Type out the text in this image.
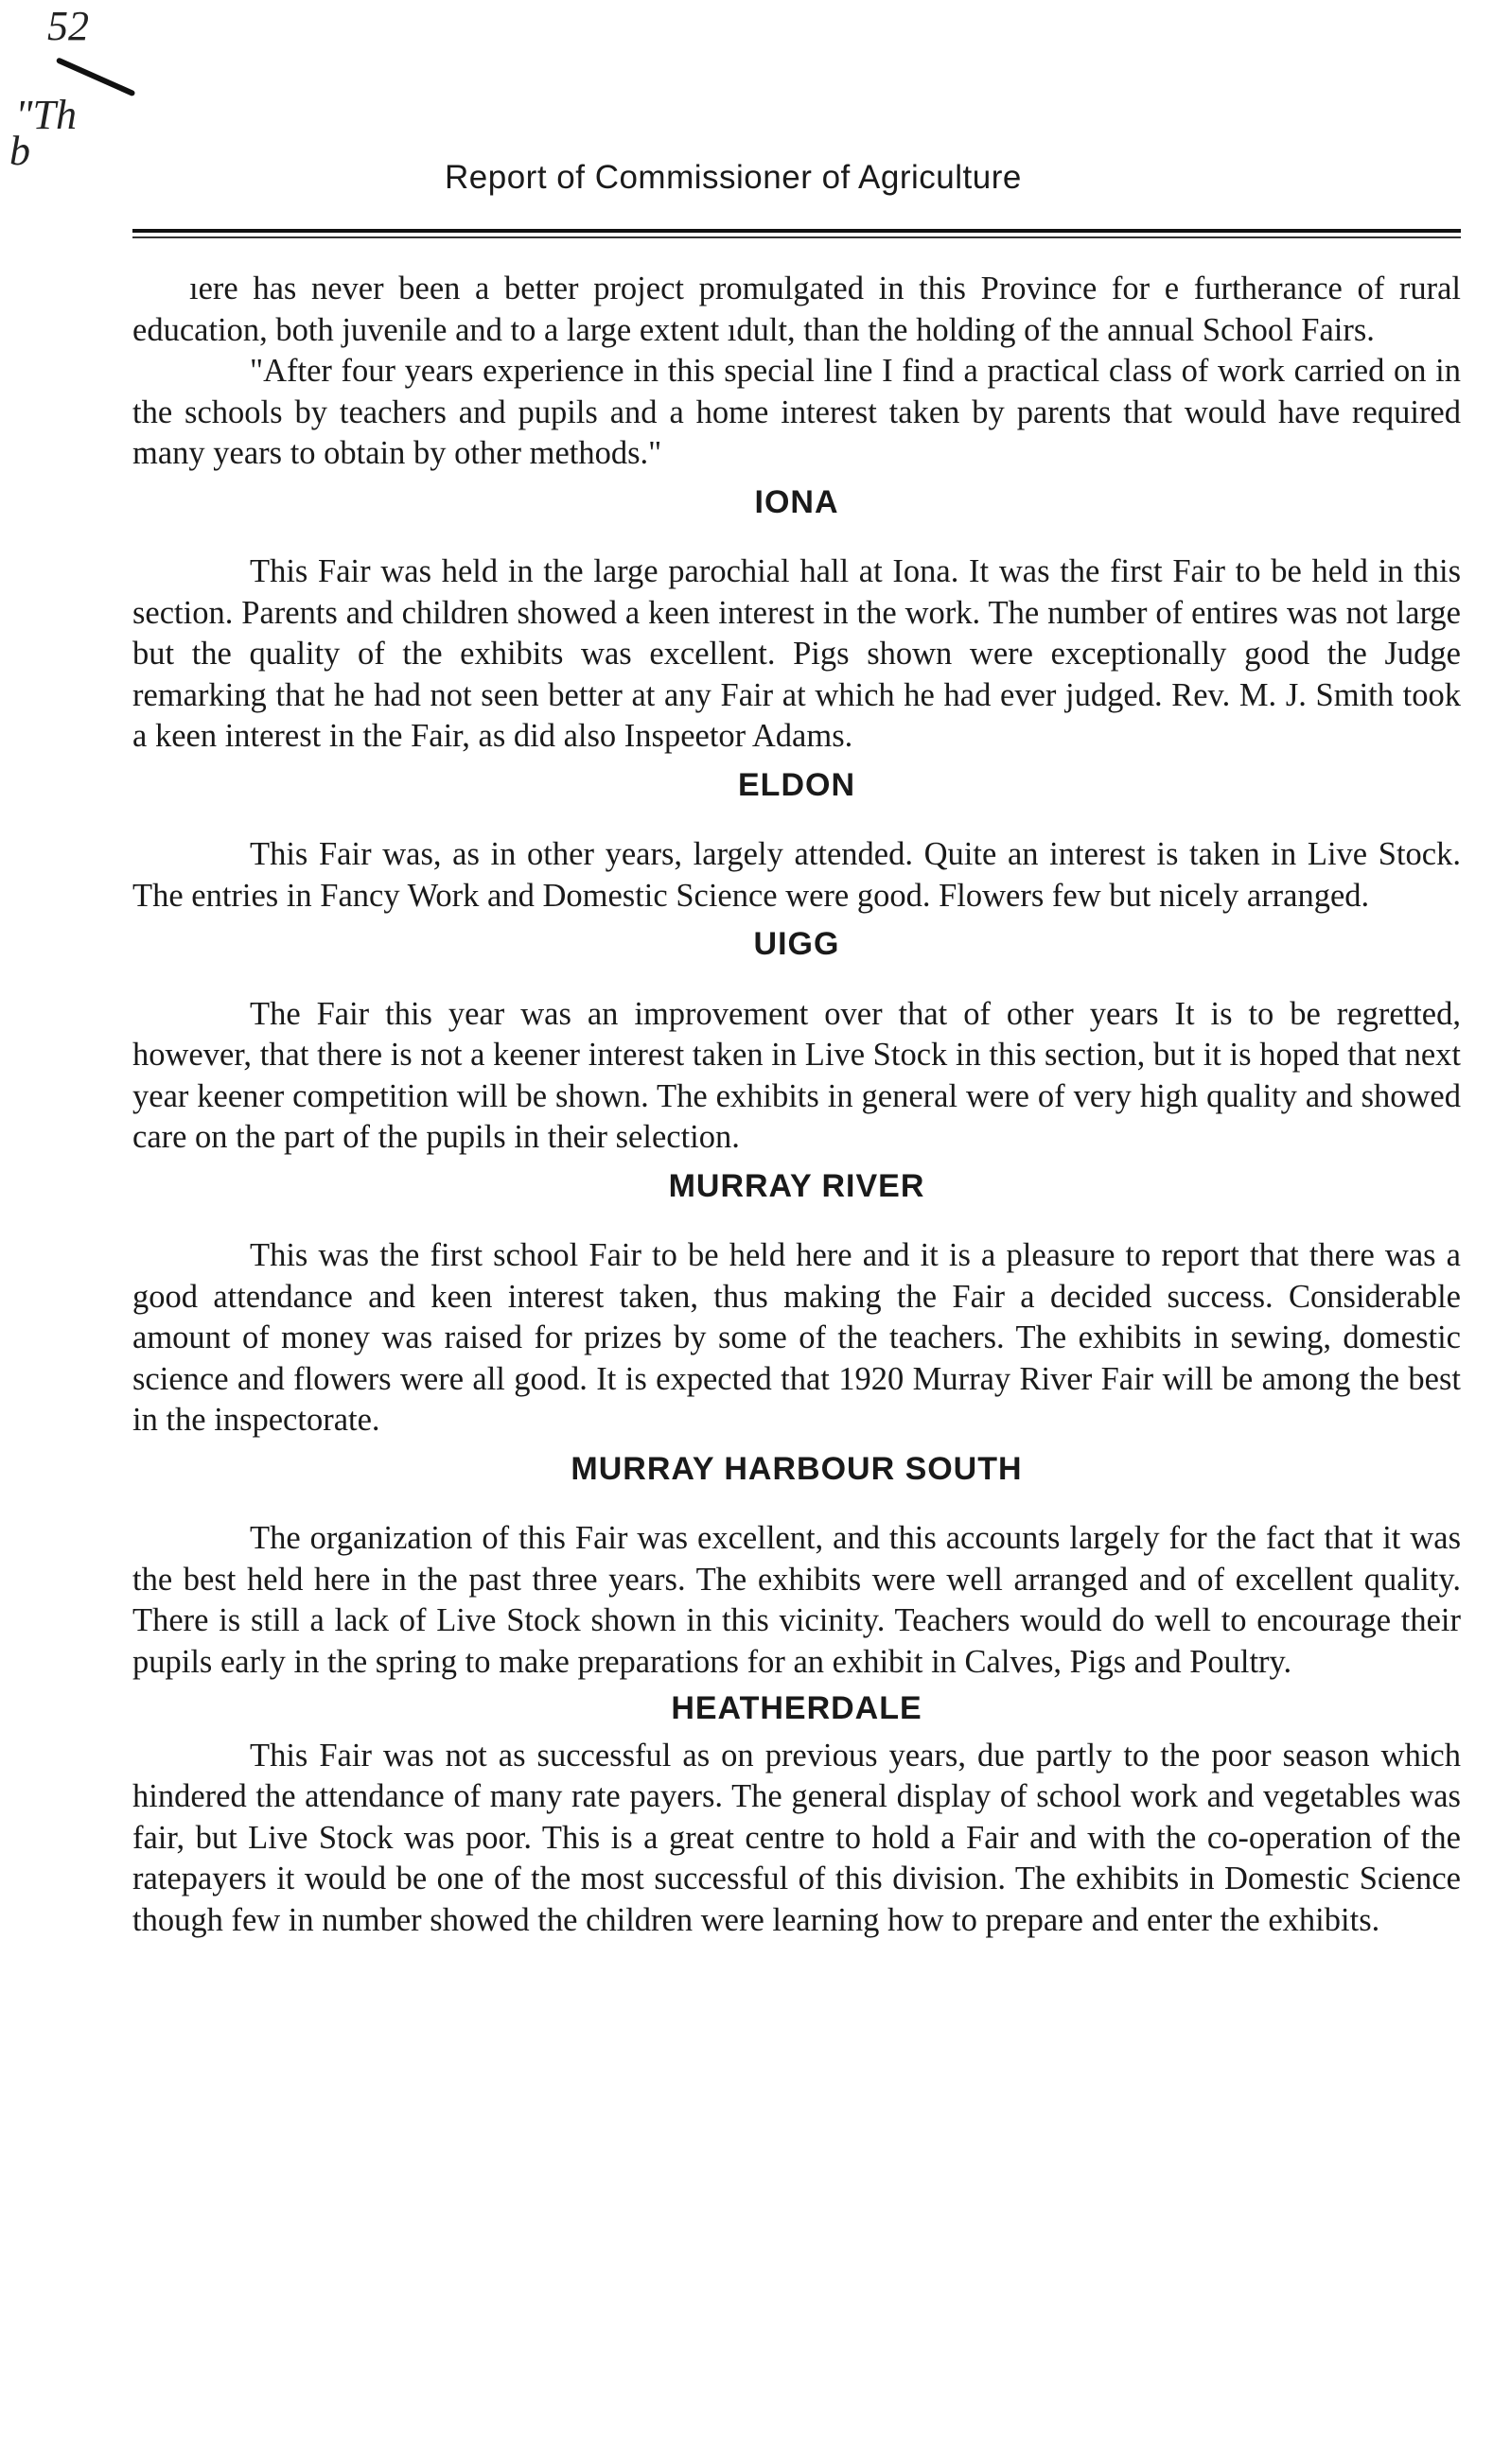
52
"Th
b
Report of Commissioner of Agriculture

ıere has never been a better project promulgated in this Province for e furtherance of rural education, both juvenile and to a large extent ıdult, than the holding of the annual School Fairs.

"After four years experience in this special line I find a practical class of work carried on in the schools by teachers and pupils and a home interest taken by parents that would have required many years to obtain by other methods."

IONA

This Fair was held in the large parochial hall at Iona. It was the first Fair to be held in this section. Parents and children showed a keen interest in the work. The number of entires was not large but the quality of the exhibits was excellent. Pigs shown were exceptionally good the Judge remarking that he had not seen better at any Fair at which he had ever judged. Rev. M. J. Smith took a keen interest in the Fair, as did also Inspeetor Adams.

ELDON

This Fair was, as in other years, largely attended. Quite an interest is taken in Live Stock. The entries in Fancy Work and Domestic Science were good. Flowers few but nicely arranged.

UIGG

The Fair this year was an improvement over that of other years It is to be regretted, however, that there is not a keener interest taken in Live Stock in this section, but it is hoped that next year keener competition will be shown. The exhibits in general were of very high quality and showed care on the part of the pupils in their selection.

MURRAY RIVER

This was the first school Fair to be held here and it is a pleasure to report that there was a good attendance and keen interest taken, thus making the Fair a decided success. Considerable amount of money was raised for prizes by some of the teachers. The exhibits in sewing, domestic science and flowers were all good. It is expected that 1920 Murray River Fair will be among the best in the inspectorate.

MURRAY HARBOUR SOUTH

The organization of this Fair was excellent, and this accounts largely for the fact that it was the best held here in the past three years. The exhibits were well arranged and of excellent quality. There is still a lack of Live Stock shown in this vicinity. Teachers would do well to encourage their pupils early in the spring to make preparations for an exhibit in Calves, Pigs and Poultry.

HEATHERDALE

This Fair was not as successful as on previous years, due partly to the poor season which hindered the attendance of many rate payers. The general display of school work and vegetables was fair, but Live Stock was poor. This is a great centre to hold a Fair and with the co-operation of the ratepayers it would be one of the most successful of this division. The exhibits in Domestic Science though few in number showed the children were learning how to prepare and enter the exhibits.
